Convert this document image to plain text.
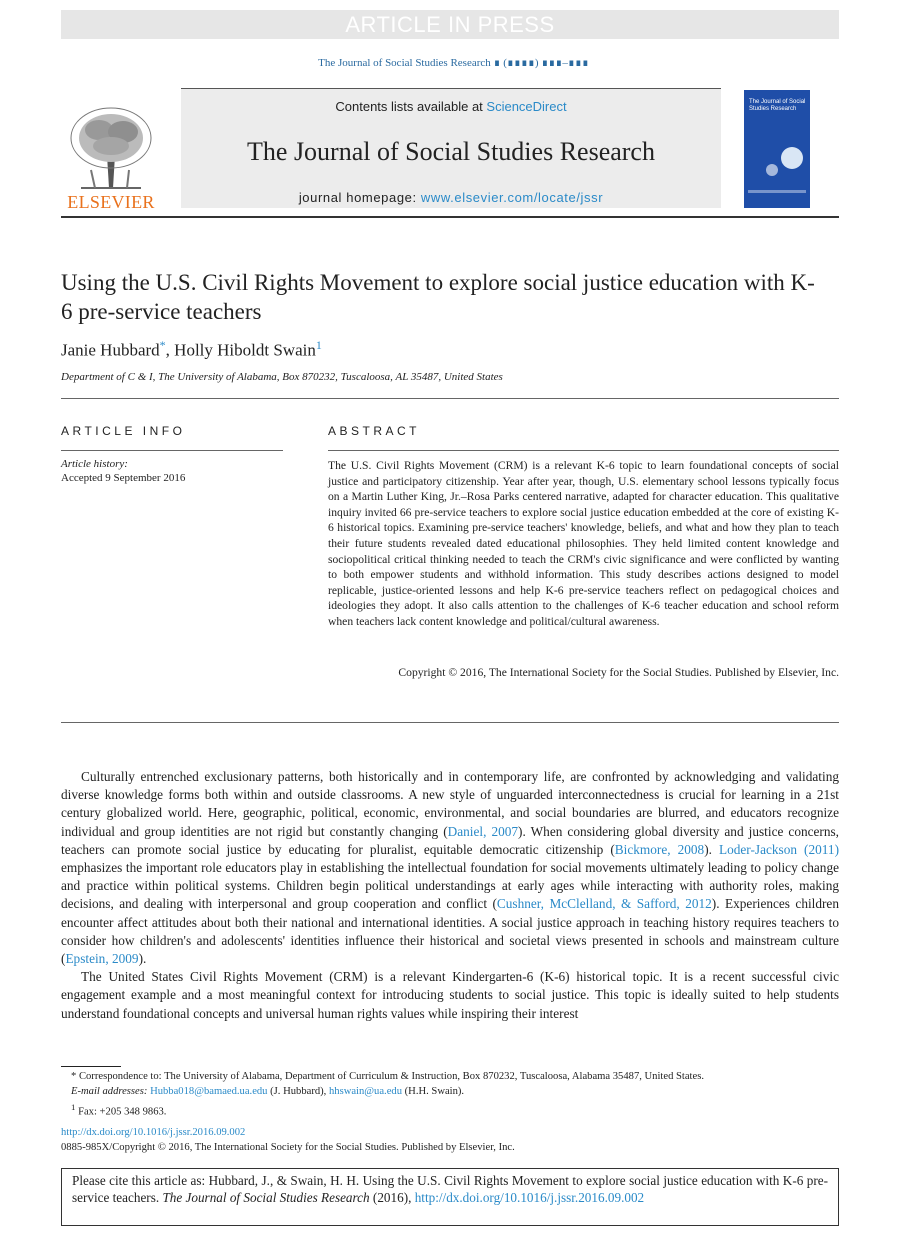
ARTICLE IN PRESS
The Journal of Social Studies Research ∎ (∎∎∎∎) ∎∎∎–∎∎∎
ELSEVIER
Contents lists available at ScienceDirect
The Journal of Social Studies Research
journal homepage: www.elsevier.com/locate/jssr
The Journal of Social Studies Research
Using the U.S. Civil Rights Movement to explore social justice education with K-6 pre-service teachers
Janie Hubbard*, Holly Hiboldt Swain$^1$
Department of C & I, The University of Alabama, Box 870232, Tuscaloosa, AL 35487, United States
ARTICLE INFO
Article history:
Accepted 9 September 2016
ABSTRACT
The U.S. Civil Rights Movement (CRM) is a relevant K-6 topic to learn foundational concepts of social justice and participatory citizenship. Year after year, though, U.S. elementary school lessons typically focus on a Martin Luther King, Jr.–Rosa Parks centered narrative, adapted for character education. This qualitative inquiry invited 66 pre-service teachers to explore social justice education embedded at the core of existing K-6 historical topics. Examining pre-service teachers' knowledge, beliefs, and what and how they plan to teach their future students revealed dated educational philosophies. They held limited content knowledge and sociopolitical critical thinking needed to teach the CRM's civic significance and were conflicted by wanting to both empower students and withhold information. This study describes actions designed to model replicable, justice-oriented lessons and help K-6 pre-service teachers reflect on pedagogical choices and ideologies they adopt. It also calls attention to the challenges of K-6 teacher education and school reform when teachers lack content knowledge and political/cultural awareness.
Copyright © 2016, The International Society for the Social Studies. Published by Elsevier, Inc.

Culturally entrenched exclusionary patterns, both historically and in contemporary life, are confronted by acknowledging and validating diverse knowledge forms both within and outside classrooms. A new style of unguarded interconnectedness is crucial for learning in a 21st century globalized world. Here, geographic, political, economic, environmental, and social boundaries are blurred, and educators recognize individual and group identities are not rigid but constantly changing (Daniel, 2007). When considering global diversity and justice concerns, teachers can promote social justice by educating for pluralist, equitable democratic citizenship (Bickmore, 2008). Loder-Jackson (2011) emphasizes the important role educators play in establishing the intellectual foundation for social movements ultimately leading to policy change and practice within political systems. Children begin political understandings at early ages while interacting with authority roles, making decisions, and dealing with interpersonal and group cooperation and conflict (Cushner, McClelland, & Safford, 2012). Experiences children encounter affect attitudes about both their national and international identities. A social justice approach in teaching history requires teachers to consider how children's and adolescents' identities influence their historical and societal views presented in schools and mainstream culture (Epstein, 2009).

The United States Civil Rights Movement (CRM) is a relevant Kindergarten-6 (K-6) historical topic. It is a recent successful civic engagement example and a most meaningful context for introducing students to social justice. This topic is ideally suited to help students understand foundational concepts and universal human rights values while inspiring their interest

* Correspondence to: The University of Alabama, Department of Curriculum & Instruction, Box 870232, Tuscaloosa, Alabama 35487, United States.
E-mail addresses: Hubba018@bamaed.ua.edu (J. Hubbard), hhswain@ua.edu (H.H. Swain).
$^1$ Fax: +205 348 9863.
http://dx.doi.org/10.1016/j.jssr.2016.09.002
0885-985X/Copyright © 2016, The International Society for the Social Studies. Published by Elsevier, Inc.
Please cite this article as: Hubbard, J., & Swain, H. H. Using the U.S. Civil Rights Movement to explore social justice education with K-6 pre-service teachers. The Journal of Social Studies Research (2016), http://dx.doi.org/10.1016/j.jssr.2016.09.002
